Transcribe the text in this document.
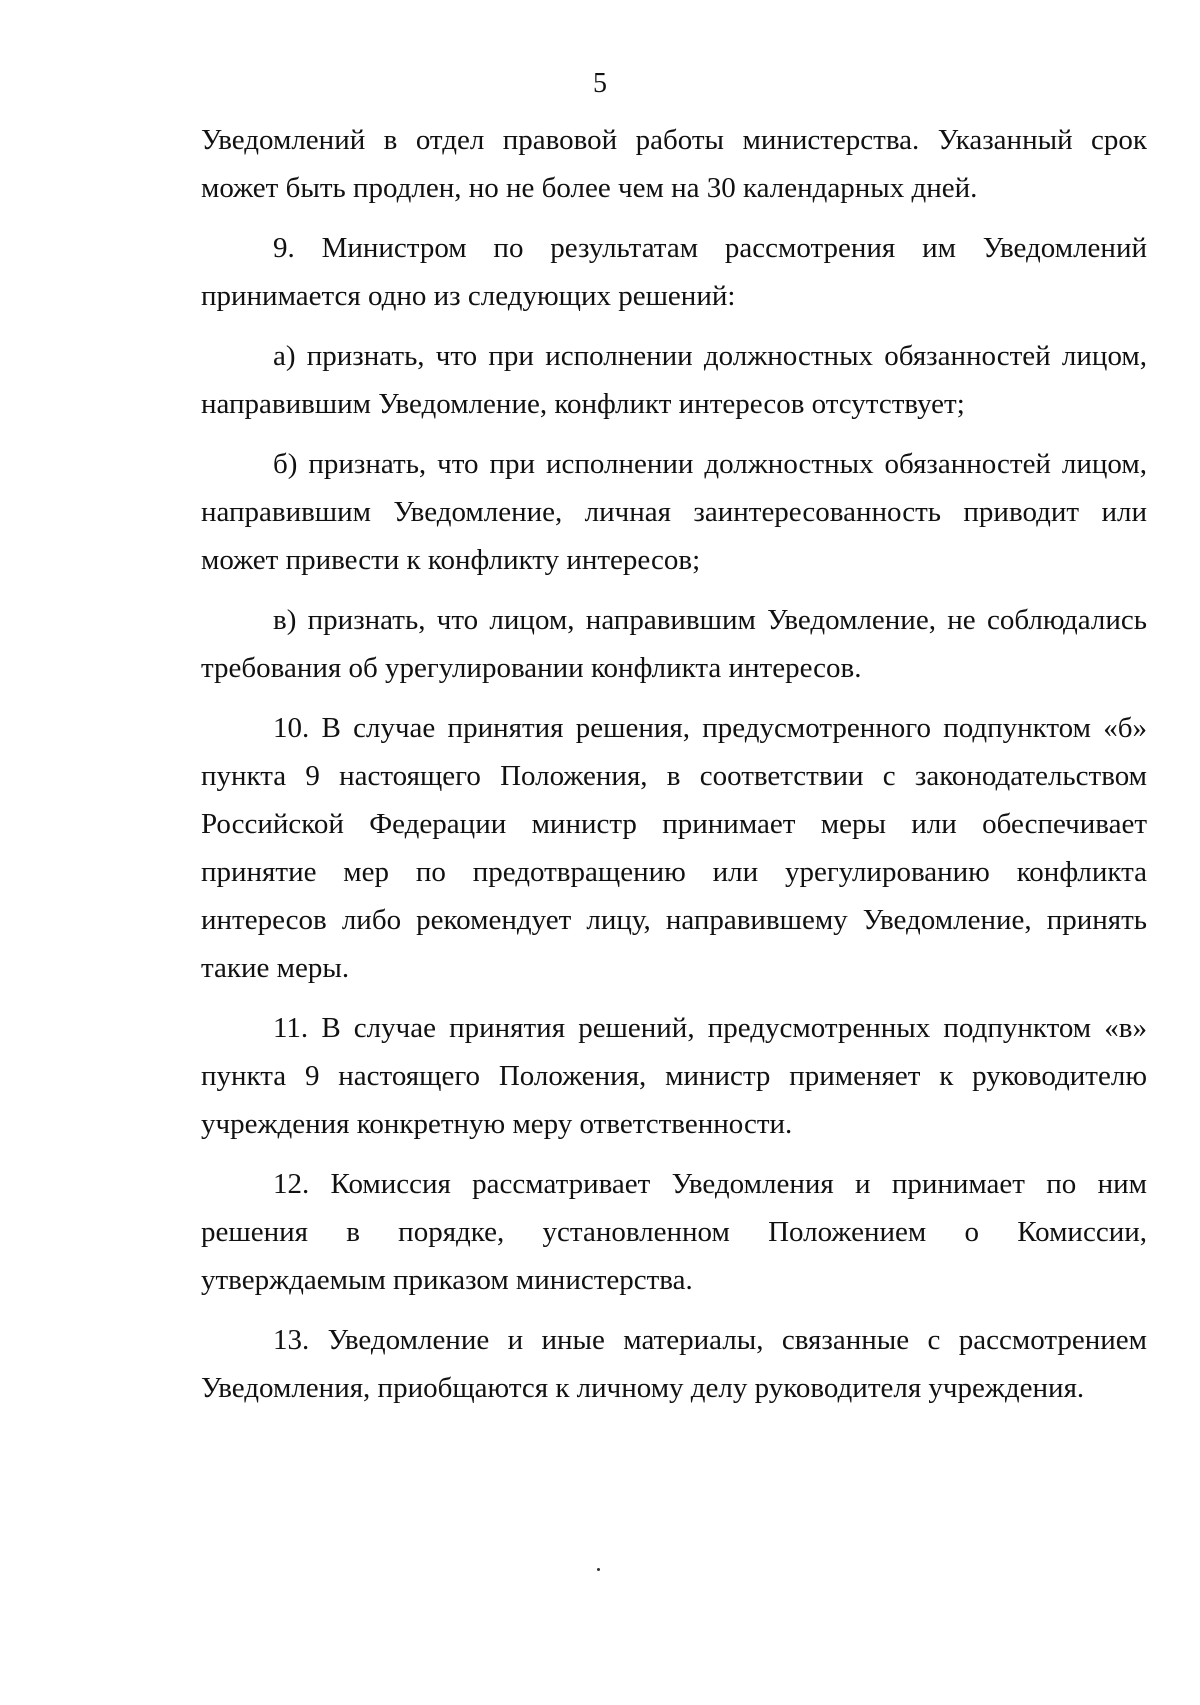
5

Уведомлений в отдел правовой работы министерства. Указанный срок может быть продлен, но не более чем на 30 календарных дней.

9. Министром по результатам рассмотрения им Уведомлений принимается одно из следующих решений:

а) признать, что при исполнении должностных обязанностей лицом, направившим Уведомление, конфликт интересов отсутствует;

б) признать, что при исполнении должностных обязанностей лицом, направившим Уведомление, личная заинтересованность приводит или может привести к конфликту интересов;

в) признать, что лицом, направившим Уведомление, не соблюдались требования об урегулировании конфликта интересов.

10. В случае принятия решения, предусмотренного подпунктом «б» пункта 9 настоящего Положения, в соответствии с законодательством Российской Федерации министр принимает меры или обеспечивает принятие мер по предотвращению или урегулированию конфликта интересов либо рекомендует лицу, направившему Уведомление, принять такие меры.

11. В случае принятия решений, предусмотренных подпунктом «в» пункта 9 настоящего Положения, министр применяет к руководителю учреждения конкретную меру ответственности.

12. Комиссия рассматривает Уведомления и принимает по ним решения в порядке, установленном Положением о Комиссии, утверждаемым приказом министерства.

13. Уведомление и иные материалы, связанные с рассмотрением Уведомления, приобщаются к личному делу руководителя учреждения.
